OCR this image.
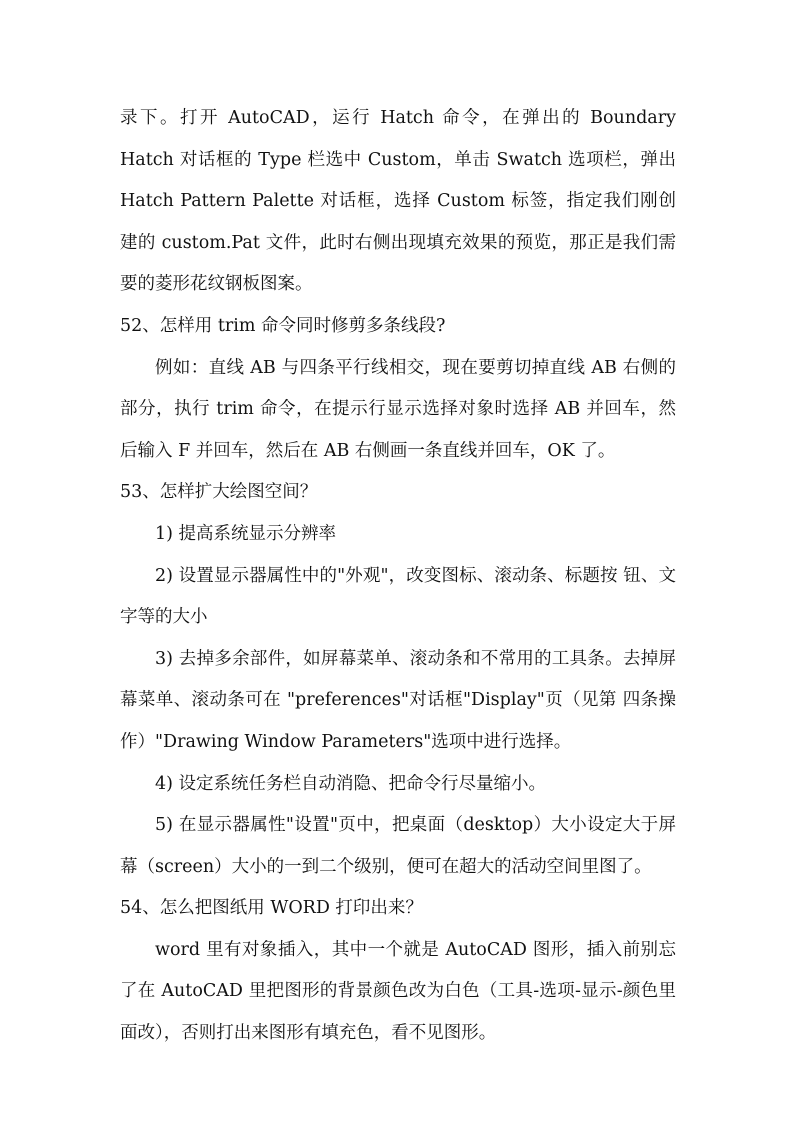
录下。打开 AutoCAD，运行 Hatch 命令，在弹出的 Boundary Hatch 对话框的 Type 栏选中 Custom，单击 Swatch 选项栏，弹出 Hatch Pattern Palette 对话框，选择 Custom 标签，指定我们刚创建的 custom.Pat 文件，此时右侧出现填充效果的预览，那正是我们需要的菱形花纹钢板图案。

52、怎样用 trim 命令同时修剪多条线段?

例如：直线 AB 与四条平行线相交，现在要剪切掉直线 AB 右侧的部分，执行 trim 命令，在提示行显示选择对象时选择 AB 并回车，然后输入 F 并回车，然后在 AB 右侧画一条直线并回车，OK 了。

53、怎样扩大绘图空间？

1) 提高系统显示分辨率

2) 设置显示器属性中的"外观"，改变图标、滚动条、标题按 钮、文字等的大小

3) 去掉多余部件，如屏幕菜单、滚动条和不常用的工具条。去掉屏幕菜单、滚动条可在 "preferences"对话框"Display"页（见第 四条操作）"Drawing Window Parameters"选项中进行选择。

4) 设定系统任务栏自动消隐、把命令行尽量缩小。

5) 在显示器属性"设置"页中，把桌面（desktop）大小设定大于屏幕（screen）大小的一到二个级别，便可在超大的活动空间里图了。

54、怎么把图纸用 WORD 打印出来？

word 里有对象插入，其中一个就是 AutoCAD 图形，插入前别忘了在 AutoCAD 里把图形的背景颜色改为白色（工具-选项-显示-颜色里面改），否则打出来图形有填充色，看不见图形。
